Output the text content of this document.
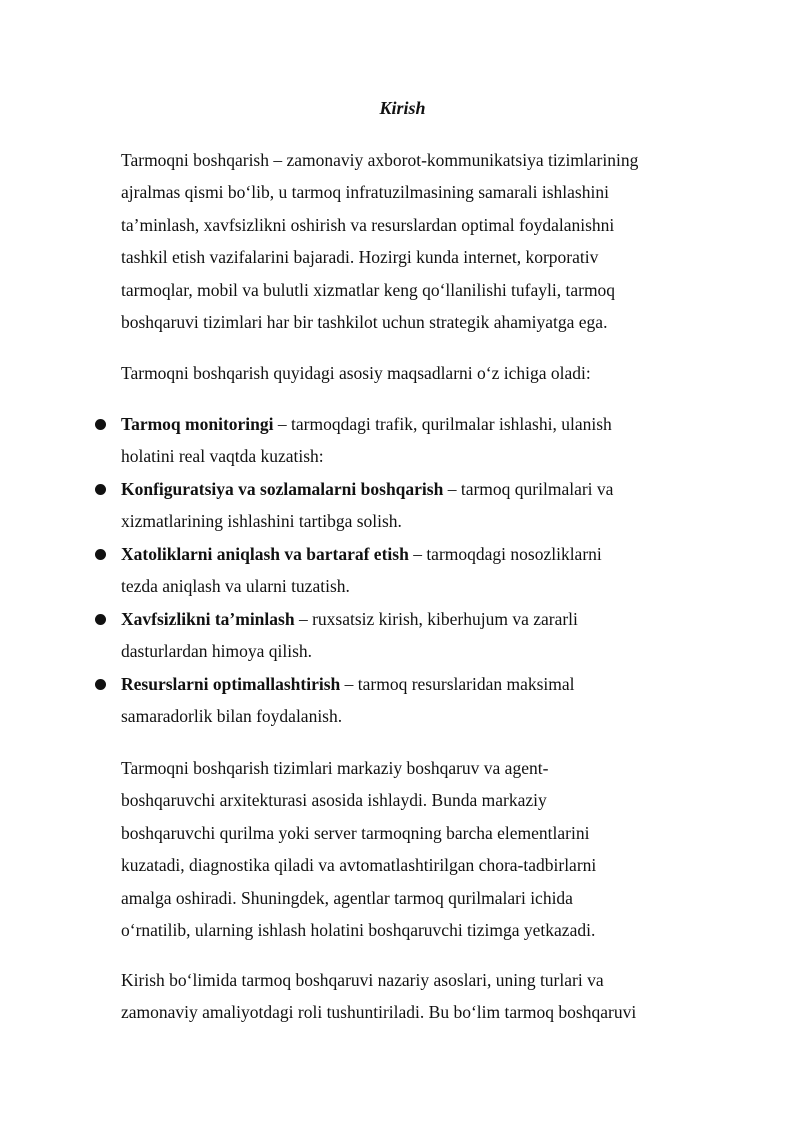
Kirish

Tarmoqni boshqarish – zamonaviy axborot-kommunikatsiya tizimlarining
ajralmas qismi bo‘lib, u tarmoq infratuzilmasining samarali ishlashini
ta’minlash, xavfsizlikni oshirish va resurslardan optimal foydalanishni
tashkil etish vazifalarini bajaradi. Hozirgi kunda internet, korporativ
tarmoqlar, mobil va bulutli xizmatlar keng qo‘llanilishi tufayli, tarmoq
boshqaruvi tizimlari har bir tashkilot uchun strategik ahamiyatga ega.

Tarmoqni boshqarish quyidagi asosiy maqsadlarni o‘z ichiga oladi:

Tarmoq monitoringi – tarmoqdagi trafik, qurilmalar ishlashi, ulanish
holatini real vaqtda kuzatish:
Konfiguratsiya va sozlamalarni boshqarish – tarmoq qurilmalari va
xizmatlarining ishlashini tartibga solish.
Xatoliklarni aniqlash va bartaraf etish – tarmoqdagi nosozliklarni
tezda aniqlash va ularni tuzatish.
Xavfsizlikni ta’minlash – ruxsatsiz kirish, kiberhujum va zararli
dasturlardan himoya qilish.
Resurslarni optimallashtirish – tarmoq resurslaridan maksimal
samaradorlik bilan foydalanish.

Tarmoqni boshqarish tizimlari markaziy boshqaruv va agent-
boshqaruvchi arxitekturasi asosida ishlaydi. Bunda markaziy
boshqaruvchi qurilma yoki server tarmoqning barcha elementlarini
kuzatadi, diagnostika qiladi va avtomatlashtirilgan chora-tadbirlarni
amalga oshiradi. Shuningdek, agentlar tarmoq qurilmalari ichida
o‘rnatilib, ularning ishlash holatini boshqaruvchi tizimga yetkazadi.

Kirish bo‘limida tarmoq boshqaruvi nazariy asoslari, uning turlari va
zamonaviy amaliyotdagi roli tushuntiriladi. Bu bo‘lim tarmoq boshqaruvi
